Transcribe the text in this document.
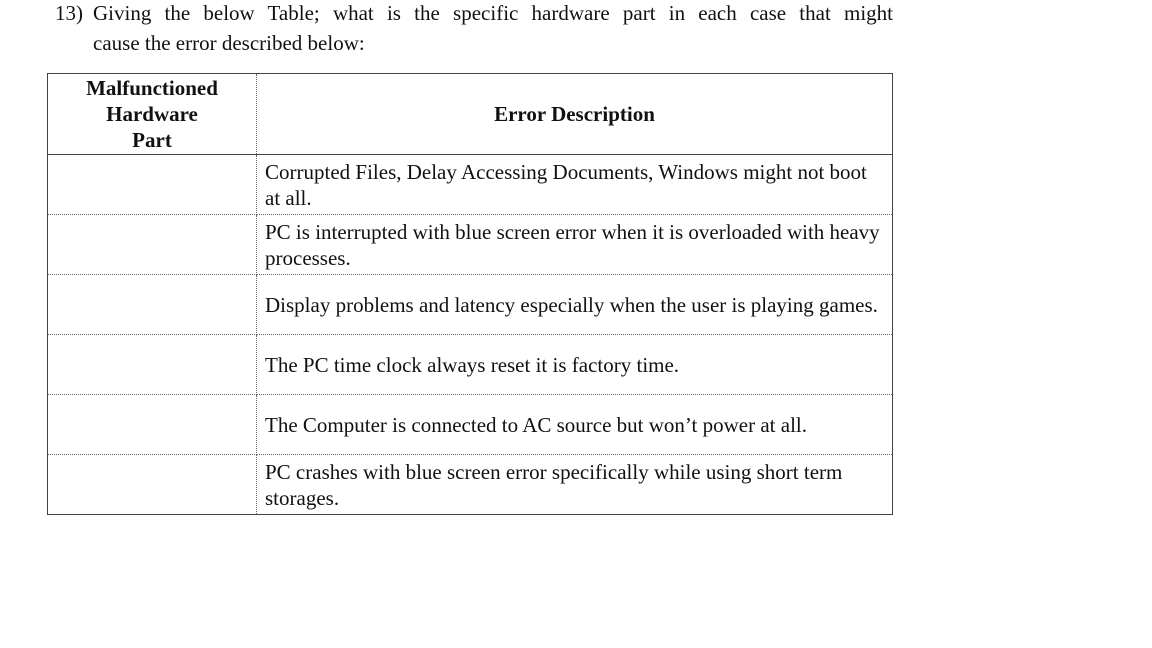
13) Giving the below Table; what is the specific hardware part in each case that might
cause the error described below:
Malfunctioned
Hardware
Part	Error Description
	Corrupted Files, Delay Accessing Documents, Windows might not boot at all.
	PC is interrupted with blue screen error when it is overloaded with heavy processes.
	Display problems and latency especially when the user is playing games.
	The PC time clock always reset it is factory time.
	The Computer is connected to AC source but won’t power at all.
	PC crashes with blue screen error specifically while using short term storages.
